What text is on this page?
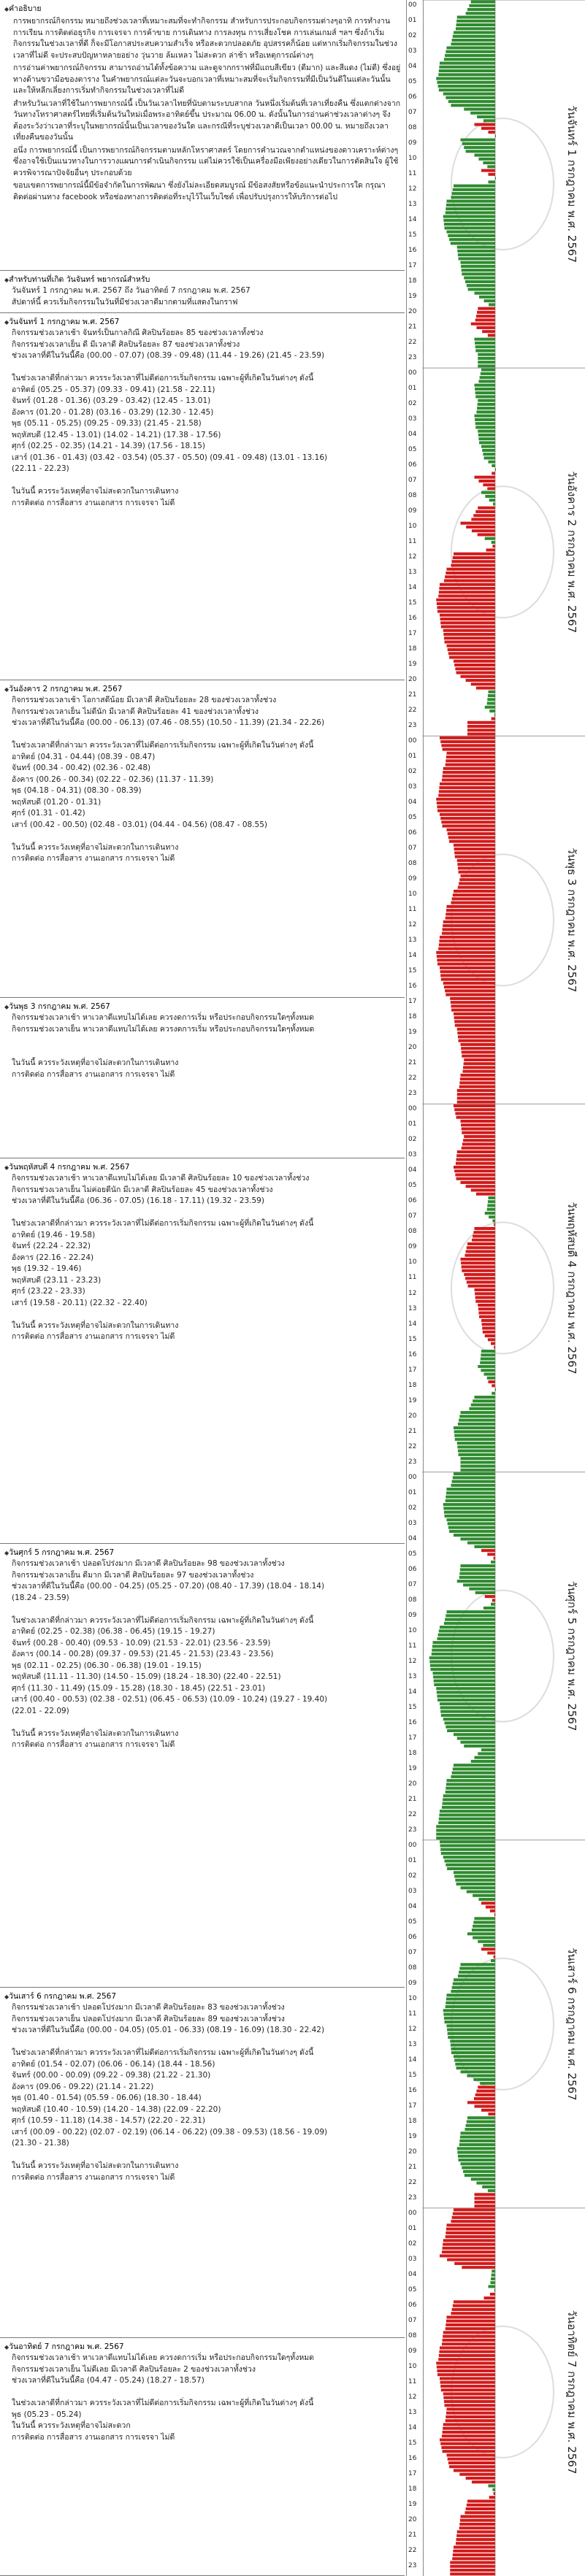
◆ คำอธิบาย
การพยากรณ์กิจกรรม หมายถึงช่วงเวลาที่เหมาะสมที่จะทำกิจกรรม สำหรับการประกอบกิจกรรมต่างๆอาทิ การทำงาน การเรียน การติดต่อธุรกิจ การเจรจา การค้าขาย การเดินทาง การลงทุน การเสี่ยงโชค การเล่นเกมส์ ฯลฯ ซึ่งถ้าเริ่มกิจกรรมในช่วงเวลาที่ดี ก็จะมีโอกาสประสบความสำเร็จ หรือสะดวกปลอดภัย อุปสรรคก็น้อย แต่หากเริ่มกิจกรรมในช่วงเวลาที่ไม่ดี จะประสบปัญหาหลายอย่าง วุ่นวาย ล้มเหลว ไม่สะดวก ล่าช้า หรือเหตุการณ์ต่างๆ
การอ่านค่าพยากรณ์กิจกรรม สามารถอ่านได้ทั้งข้อความ และดูจากกราฟที่มีแถบสีเขียว (ดีมาก) และสีแดง (ไม่ดี) ซึ่งอยู่ทางด้านขวามือของตาราง ในคำพยากรณ์แต่ละวันจะบอกเวลาที่เหมาะสมที่จะเริ่มกิจกรรมที่มีเป็นวันดีในแต่ละวันนั้น และให้หลีกเลี่ยงการเริ่มทำกิจกรรมในช่วงเวลาที่ไม่ดี
สำหรับวันเวลาที่ใช้ในการพยากรณ์นี้ เป็นวันเวลาไทยที่นับตามระบบสากล วันหนึ่งเริ่มต้นที่เวลาเที่ยงคืน ซึ่งแตกต่างจากวันทางโหราศาสตร์ไทยที่เริ่มต้นวันใหม่เมื่อพระอาทิตย์ขึ้น ประมาณ 06.00 น. ดังนั้นในการอ่านค่าช่วงเวลาต่างๆ จึงต้องระวังว่าเวลาที่ระบุในพยากรณ์นั้นเป็นเวลาของวันใด และกรณีที่ระบุช่วงเวลาดีเป็นเวลา 00.00 น. หมายถึงเวลาเที่ยงคืนของวันนั้น
อนึ่ง การพยากรณ์นี้ เป็นการพยากรณ์กิจกรรมตามหลักโหราศาสตร์ โดยการคำนวณจากตำแหน่งของดาวเคราะห์ต่างๆ ซึ่งอาจใช้เป็นแนวทางในการวางแผนการดำเนินกิจกรรม แต่ไม่ควรใช้เป็นเครื่องมือเพียงอย่างเดียวในการตัดสินใจ ผู้ใช้ควรพิจารณาปัจจัยอื่นๆ ประกอบด้วย
ขอบเขตการพยากรณ์นี้มีข้อจำกัดในการพัฒนา ซึ่งยังไม่ละเอียดสมบูรณ์ มีข้อสงสัยหรือข้อแนะนำประการใด กรุณาติดต่อผ่านทาง facebook หรือช่องทางการติดต่อที่ระบุไว้ในเว็บไซต์ เพื่อปรับปรุงการให้บริการต่อไป
◆ สำหรับท่านที่เกิด วันจันทร์ พยากรณ์สำหรับ
วันจันทร์ 1 กรกฎาคม พ.ศ. 2567 ถึง วันอาทิตย์ 7 กรกฎาคม พ.ศ. 2567
สัปดาห์นี้ ควรเริ่มกิจกรรมในวันที่มีช่วงเวลาดีมากตามที่แสดงในกราฟ
◆ วันจันทร์ 1 กรกฎาคม พ.ศ. 2567
กิจกรรมช่วงเวลาเช้า จันทร์เป็นกาลกิณี ศิลปินร้อยละ 85 ของช่วงเวลาทั้งช่วง
กิจกรรมช่วงเวลาเย็น ดี มีเวลาดี ศิลปินร้อยละ 87 ของช่วงเวลาทั้งช่วง
ช่วงเวลาที่ดีในวันนี้คือ (00.00 - 07.07) (08.39 - 09.48) (11.44 - 19.26) (21.45 - 23.59)
ในช่วงเวลาดีที่กล่าวมา ควรระวังเวลาที่ไม่ดีต่อการเริ่มกิจกรรม เฉพาะผู้ที่เกิดในวันต่างๆ ดังนี้
อาทิตย์ (05.25 - 05.37) (09.33 - 09.41) (21.58 - 22.11)
จันทร์ (01.28 - 01.36) (03.29 - 03.42) (12.45 - 13.01)
อังคาร (01.20 - 01.28) (03.16 - 03.29) (12.30 - 12.45)
พุธ (05.11 - 05.25) (09.25 - 09.33) (21.45 - 21.58)
พฤหัสบดี (12.45 - 13.01) (14.02 - 14.21) (17.38 - 17.56)
ศุกร์ (02.25 - 02.35) (14.21 - 14.39) (17.56 - 18.15)
เสาร์ (01.36 - 01.43) (03.42 - 03.54) (05.37 - 05.50) (09.41 - 09.48) (13.01 - 13.16)
(22.11 - 22.23)
ในวันนี้ ควรระวังเหตุที่อาจไม่สะดวกในการเดินทาง
การติดต่อ การสื่อสาร งานเอกสาร การเจรจา ไม่ดี
◆ วันอังคาร 2 กรกฎาคม พ.ศ. 2567
กิจกรรมช่วงเวลาเช้า โอกาสดีน้อย มีเวลาดี ศิลปินร้อยละ 28 ของช่วงเวลาทั้งช่วง
กิจกรรมช่วงเวลาเย็น ไม่ดีนัก มีเวลาดี ศิลปินร้อยละ 41 ของช่วงเวลาทั้งช่วง
ช่วงเวลาที่ดีในวันนี้คือ (00.00 - 06.13) (07.46 - 08.55) (10.50 - 11.39) (21.34 - 22.26)
ในช่วงเวลาดีที่กล่าวมา ควรระวังเวลาที่ไม่ดีต่อการเริ่มกิจกรรม เฉพาะผู้ที่เกิดในวันต่างๆ ดังนี้
อาทิตย์ (04.31 - 04.44) (08.39 - 08.47)
จันทร์ (00.34 - 00.42) (02.36 - 02.48)
อังคาร (00.26 - 00.34) (02.22 - 02.36) (11.37 - 11.39)
พุธ (04.18 - 04.31) (08.30 - 08.39)
พฤหัสบดี (01.20 - 01.31)
ศุกร์ (01.31 - 01.42)
เสาร์ (00.42 - 00.50) (02.48 - 03.01) (04.44 - 04.56) (08.47 - 08.55)
ในวันนี้ ควรระวังเหตุที่อาจไม่สะดวกในการเดินทาง
การติดต่อ การสื่อสาร งานเอกสาร การเจรจา ไม่ดี
◆ วันพุธ 3 กรกฎาคม พ.ศ. 2567
กิจกรรมช่วงเวลาเช้า หาเวลาดีแทบไม่ได้เลย ควรงดการเริ่ม หรือประกอบกิจกรรมใดๆทั้งหมด
กิจกรรมช่วงเวลาเย็น หาเวลาดีแทบไม่ได้เลย ควรงดการเริ่ม หรือประกอบกิจกรรมใดๆทั้งหมด
ในวันนี้ ควรระวังเหตุที่อาจไม่สะดวกในการเดินทาง
การติดต่อ การสื่อสาร งานเอกสาร การเจรจา ไม่ดี
◆ วันพฤหัสบดี 4 กรกฎาคม พ.ศ. 2567
กิจกรรมช่วงเวลาเช้า หาเวลาดีแทบไม่ได้เลย มีเวลาดี ศิลปินร้อยละ 10 ของช่วงเวลาทั้งช่วง
กิจกรรมช่วงเวลาเย็น ไม่ค่อยดีนัก มีเวลาดี ศิลปินร้อยละ 45 ของช่วงเวลาทั้งช่วง
ช่วงเวลาที่ดีในวันนี้คือ (06.36 - 07.05) (16.18 - 17.11) (19.32 - 23.59)
ในช่วงเวลาดีที่กล่าวมา ควรระวังเวลาที่ไม่ดีต่อการเริ่มกิจกรรม เฉพาะผู้ที่เกิดในวันต่างๆ ดังนี้
อาทิตย์ (19.46 - 19.58)
จันทร์ (22.24 - 22.32)
อังคาร (22.16 - 22.24)
พุธ (19.32 - 19.46)
พฤหัสบดี (23.11 - 23.23)
ศุกร์ (23.22 - 23.33)
เสาร์ (19.58 - 20.11) (22.32 - 22.40)
ในวันนี้ ควรระวังเหตุที่อาจไม่สะดวกในการเดินทาง
การติดต่อ การสื่อสาร งานเอกสาร การเจรจา ไม่ดี
◆ วันศุกร์ 5 กรกฎาคม พ.ศ. 2567
กิจกรรมช่วงเวลาเช้า ปลอดโปร่งมาก มีเวลาดี ศิลปินร้อยละ 98 ของช่วงเวลาทั้งช่วง
กิจกรรมช่วงเวลาเย็น ดีมาก มีเวลาดี ศิลปินร้อยละ 97 ของช่วงเวลาทั้งช่วง
ช่วงเวลาที่ดีในวันนี้คือ (00.00 - 04.25) (05.25 - 07.20) (08.40 - 17.39) (18.04 - 18.14)
(18.24 - 23.59)
ในช่วงเวลาดีที่กล่าวมา ควรระวังเวลาที่ไม่ดีต่อการเริ่มกิจกรรม เฉพาะผู้ที่เกิดในวันต่างๆ ดังนี้
อาทิตย์ (02.25 - 02.38) (06.38 - 06.45) (19.15 - 19.27)
จันทร์ (00.28 - 00.40) (09.53 - 10.09) (21.53 - 22.01) (23.56 - 23.59)
อังคาร (00.14 - 00.28) (09.37 - 09.53) (21.45 - 21.53) (23.43 - 23.56)
พุธ (02.11 - 02.25) (06.30 - 06.38) (19.01 - 19.15)
พฤหัสบดี (11.11 - 11.30) (14.50 - 15.09) (18.24 - 18.30) (22.40 - 22.51)
ศุกร์ (11.30 - 11.49) (15.09 - 15.28) (18.30 - 18.45) (22.51 - 23.01)
เสาร์ (00.40 - 00.53) (02.38 - 02.51) (06.45 - 06.53) (10.09 - 10.24) (19.27 - 19.40)
(22.01 - 22.09)
ในวันนี้ ควรระวังเหตุที่อาจไม่สะดวกในการเดินทาง
การติดต่อ การสื่อสาร งานเอกสาร การเจรจา ไม่ดี
◆ วันเสาร์ 6 กรกฎาคม พ.ศ. 2567
กิจกรรมช่วงเวลาเช้า ปลอดโปร่งมาก มีเวลาดี ศิลปินร้อยละ 83 ของช่วงเวลาทั้งช่วง
กิจกรรมช่วงเวลาเย็น ปลอดโปร่งมาก มีเวลาดี ศิลปินร้อยละ 89 ของช่วงเวลาทั้งช่วง
ช่วงเวลาที่ดีในวันนี้คือ (00.00 - 04.05) (05.01 - 06.33) (08.19 - 16.09) (18.30 - 22.42)
ในช่วงเวลาดีที่กล่าวมา ควรระวังเวลาที่ไม่ดีต่อการเริ่มกิจกรรม เฉพาะผู้ที่เกิดในวันต่างๆ ดังนี้
อาทิตย์ (01.54 - 02.07) (06.06 - 06.14) (18.44 - 18.56)
จันทร์ (00.00 - 00.09) (09.22 - 09.38) (21.22 - 21.30)
อังคาร (09.06 - 09.22) (21.14 - 21.22)
พุธ (01.40 - 01.54) (05.59 - 06.06) (18.30 - 18.44)
พฤหัสบดี (10.40 - 10.59) (14.20 - 14.38) (22.09 - 22.20)
ศุกร์ (10.59 - 11.18) (14.38 - 14.57) (22.20 - 22.31)
เสาร์ (00.09 - 00.22) (02.07 - 02.19) (06.14 - 06.22) (09.38 - 09.53) (18.56 - 19.09)
(21.30 - 21.38)
ในวันนี้ ควรระวังเหตุที่อาจไม่สะดวกในการเดินทาง
การติดต่อ การสื่อสาร งานเอกสาร การเจรจา ไม่ดี
◆ วันอาทิตย์ 7 กรกฎาคม พ.ศ. 2567
กิจกรรมช่วงเวลาเช้า หาเวลาดีแทบไม่ได้เลย ควรงดการเริ่ม หรือประกอบกิจกรรมใดๆทั้งหมด
กิจกรรมช่วงเวลาเย็น ไม่ดีเลย มีเวลาดี ศิลปินร้อยละ 2 ของช่วงเวลาทั้งช่วง
ช่วงเวลาที่ดีในวันนี้คือ (04.47 - 05.24) (18.27 - 18.57)
ในช่วงเวลาดีที่กล่าวมา ควรระวังเวลาที่ไม่ดีต่อการเริ่มกิจกรรม เฉพาะผู้ที่เกิดในวันต่างๆ ดังนี้
พุธ (05.23 - 05.24)
ในวันนี้ ควรระวังเหตุที่อาจไม่สะดวก
การติดต่อ การสื่อสาร งานเอกสาร การเจรจา ไม่ดี
00
01
02
03
04
05
06
07
08
09
10
11
12
13
14
15
16
17
18
19
20
21
22
23
00
01
02
03
04
05
06
07
08
09
10
11
12
13
14
15
16
17
18
19
20
21
22
23
00
01
02
03
04
05
06
07
08
09
10
11
12
13
14
15
16
17
18
19
20
21
22
23
00
01
02
03
04
05
06
07
08
09
10
11
12
13
14
15
16
17
18
19
20
21
22
23
00
01
02
03
04
05
06
07
08
09
10
11
12
13
14
15
16
17
18
19
20
21
22
23
00
01
02
03
04
05
06
07
08
09
10
11
12
13
14
15
16
17
18
19
20
21
22
23
00
01
02
03
04
05
06
07
08
09
10
11
12
13
14
15
16
17
18
19
20
21
22
23
วันจันทร์ 1 กรกฎาคม พ.ศ. 2567
วันอังคาร 2 กรกฎาคม พ.ศ. 2567
วันพุธ 3 กรกฎาคม พ.ศ. 2567
วันพฤหัสบดี 4 กรกฎาคม พ.ศ. 2567
วันศุกร์ 5 กรกฎาคม พ.ศ. 2567
วันเสาร์ 6 กรกฎาคม พ.ศ. 2567
วันอาทิตย์ 7 กรกฎาคม พ.ศ. 2567
